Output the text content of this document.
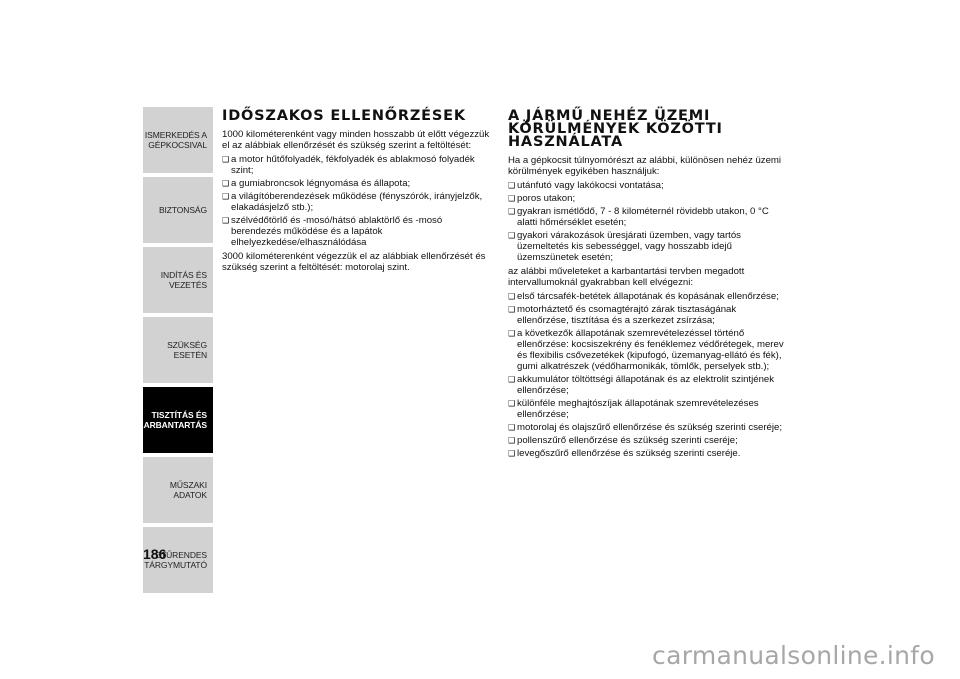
ISMERKEDÉS A GÉPKOCSIVAL
BIZTONSÁG
INDÍTÁS ÉS VEZETÉS
SZÜKSÉG ESETÉN
TISZTÍTÁS ÉS KARBANTARTÁS
MŰSZAKI ADATOK
ETŰRENDES TÁRGYMUTATÓ
186
IDŐSZAKOS ELLENŐRZÉSEK

1000 kilométerenként vagy minden hosszabb út előtt végezzük el az alábbiak ellenőrzését és szükség szerint a feltöltését:

❑ a motor hűtőfolyadék, fékfolyadék és ablakmosó folyadék szint;
❑ a gumiabroncsok légnyomása és állapota;
❑ a világítóberendezések működése (fényszórók, irányjelzők, elakadásjelző stb.);
❑ szélvédőtörlő és -mosó/hátsó ablaktörlő és -mosó berendezés működése és a lapátok elhelyezkedése/elhasználódása

3000 kilométerenként végezzük el az alábbiak ellenőrzését és szükség szerint a feltöltését: motorolaj szint.

A JÁRMŰ NEHÉZ ÜZEMI KÖRÜLMÉNYEK KÖZÖTTI HASZNÁLATA

Ha a gépkocsit túlnyomórészt az alábbi, különösen nehéz üzemi körülmények egyikében használjuk:

❑ utánfutó vagy lakókocsi vontatása;
❑ poros utakon;
❑ gyakran ismétlődő, 7 - 8 kilométernél rövidebb utakon, 0 °C alatti hőmérséklet esetén;
❑ gyakori várakozások üresjárati üzemben, vagy tartós üzemeltetés kis sebességgel, vagy hosszabb idejű üzemszünetek esetén;

az alábbi műveleteket a karbantartási tervben megadott intervallumoknál gyakrabban kell elvégezni:

❑ első tárcsafék-betétek állapotának és kopásának ellenőrzése;
❑ motorháztető és csomagtérajtó zárak tisztaságának ellenőrzése, tisztítása és a szerkezet zsírzása;
❑ a következők állapotának szemrevételezéssel történő ellenőrzése: kocsiszekrény és fenéklemez védőrétegek, merev és flexibilis csővezetékek (kipufogó, üzemanyag-ellátó és fék), gumi alkatrészek (védőharmonikák, tömlők, perselyek stb.);
❑ akkumulátor töltöttségi állapotának és az elektrolit szintjének ellenőrzése;
❑ különféle meghajtószíjak állapotának szemrevételezéses ellenőrzése;
❑ motorolaj és olajszűrő ellenőrzése és szükség szerinti cseréje;
❑ pollenszűrő ellenőrzése és szükség szerinti cseréje;
❑ levegőszűrő ellenőrzése és szükség szerinti cseréje.
carmanualsonline.info
